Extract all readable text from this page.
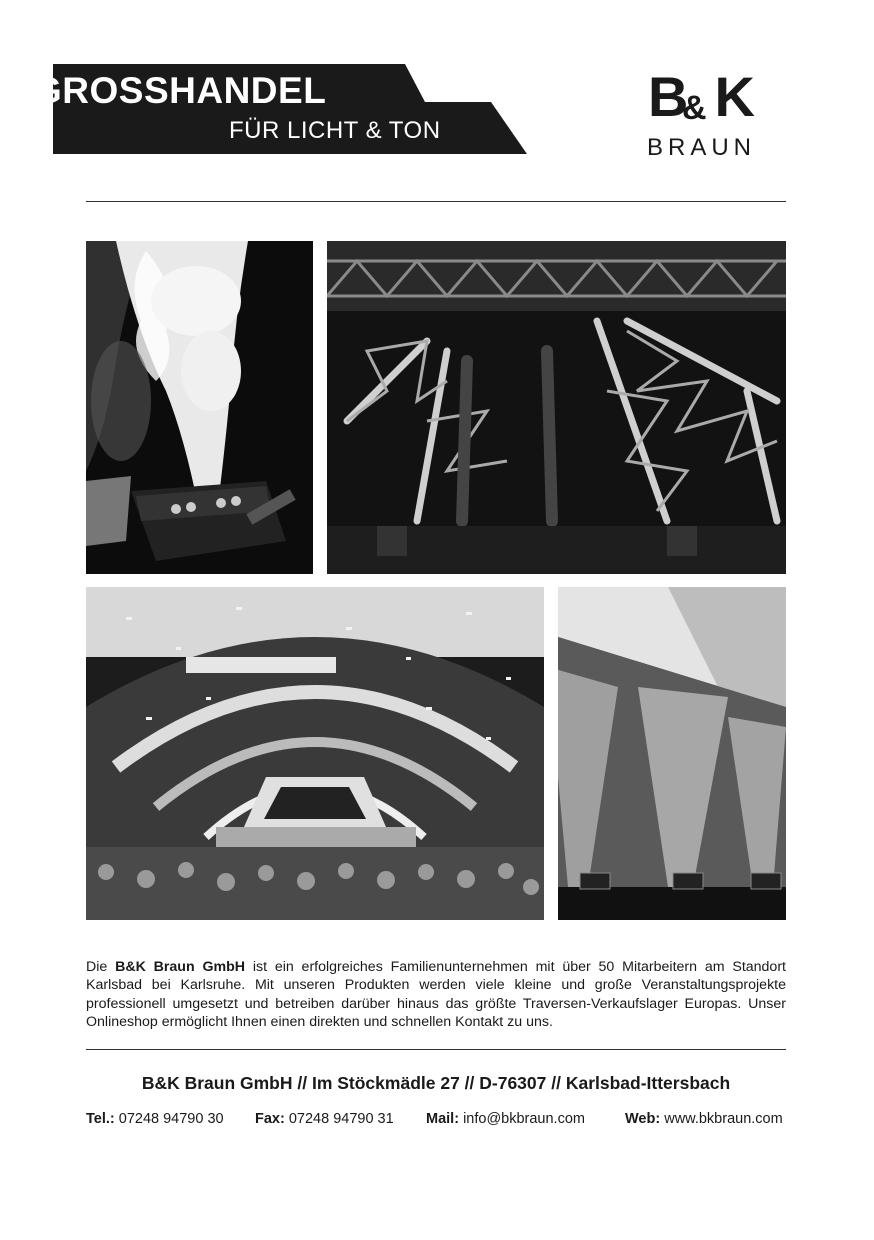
GROSSHANDEL
FÜR LICHT & TON
B K
&
BRAUN
Die B&K Braun GmbH ist ein erfolgreiches Familienunternehmen mit über 50 Mitarbeitern am Standort Karlsbad bei Karlsruhe. Mit unseren Produkten werden viele kleine und große Veranstaltungsprojekte professionell umgesetzt und betreiben darüber hinaus das größte Traversen-Verkaufslager Europas. Unser Onlineshop ermöglicht Ihnen einen direkten und schnellen Kontakt zu uns.
B&K Braun GmbH // Im Stöckmädle 27 // D-76307 // Karlsbad-Ittersbach
Tel.: 07248 94790 30 Fax: 07248 94790 31 Mail: info@bkbraun.com	Web: www.bkbraun.com
